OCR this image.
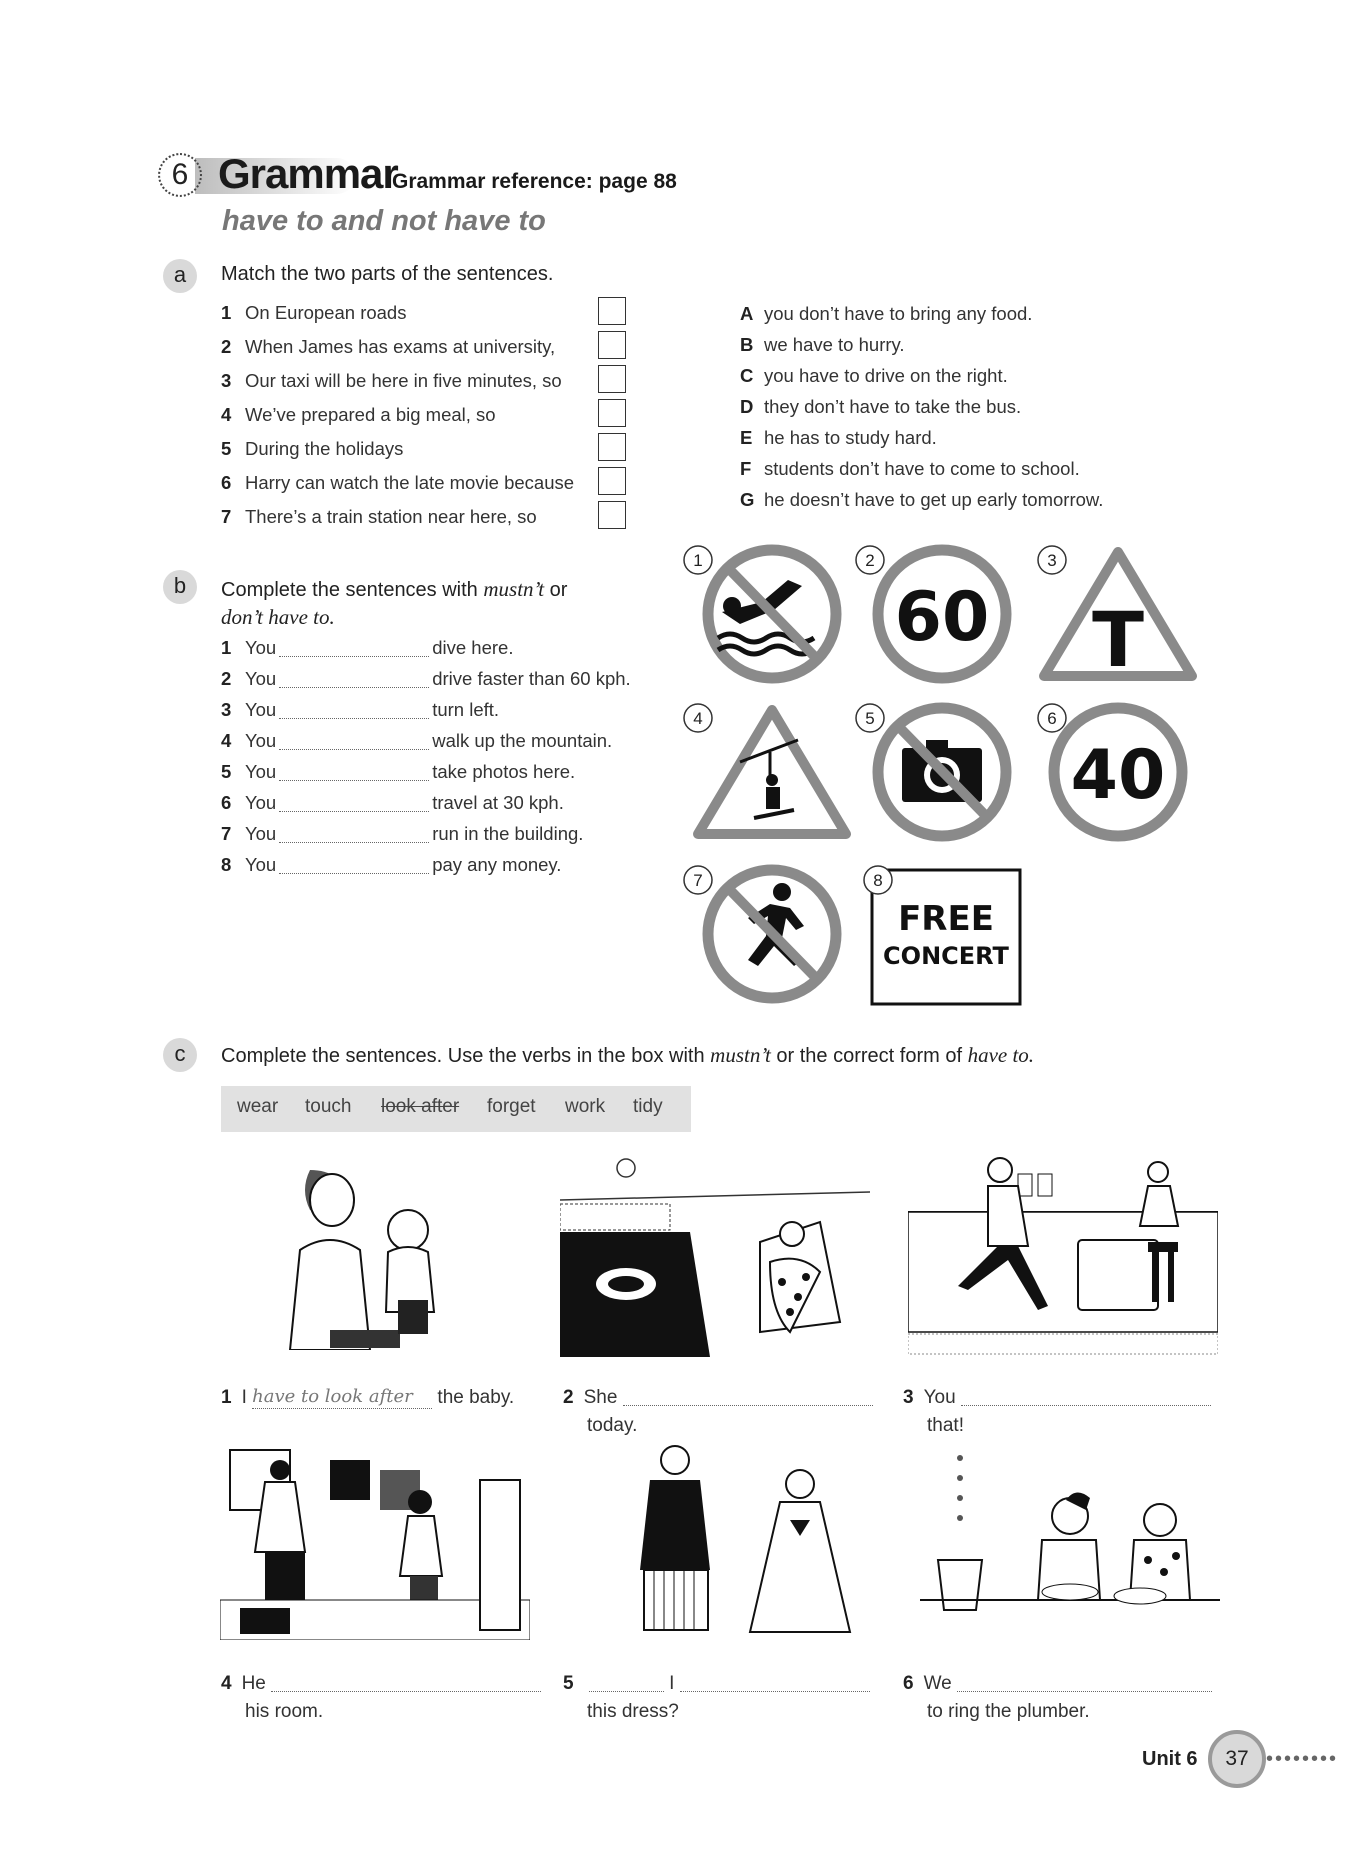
6 Grammar
Grammar reference: page 88
have to and not have to
a	Match the two parts of the sentences.
1 On European roads
2 When James has exams at university,
3 Our taxi will be here in five minutes, so
4 We’ve prepared a big meal, so
5 During the holidays
6 Harry can watch the late movie because
7 There’s a train station near here, so
A you don’t have to bring any food.
B we have to hurry.
C you have to drive on the right.
D they don’t have to take the bus.
E he has to study hard.
F students don’t have to come to school.
G he doesn’t have to get up early tomorrow.
b	Complete the sentences with mustn’t or
don’t have to.
1 You	dive here.
2 You	drive faster than 60 kph.
3 You	turn left.
4 You	walk up the mountain.
5 You	take photos here.
6 You	travel at 30 kph.
7 You	run in the building.
8 You	pay any money.
60 T
40
FREE
CONCERT
1	2	3
4	5	6
7	8
c	Complete the sentences. Use the verbs in the box with mustn’t or the correct form of have to.
wear touch look after forget work tidy
1 I have to look after the baby.	2 She
today.
3 You
that!
4 He
his room.
5	I
this dress?
6 We
to ring the plumber.
Unit 6	37 ••••••••
